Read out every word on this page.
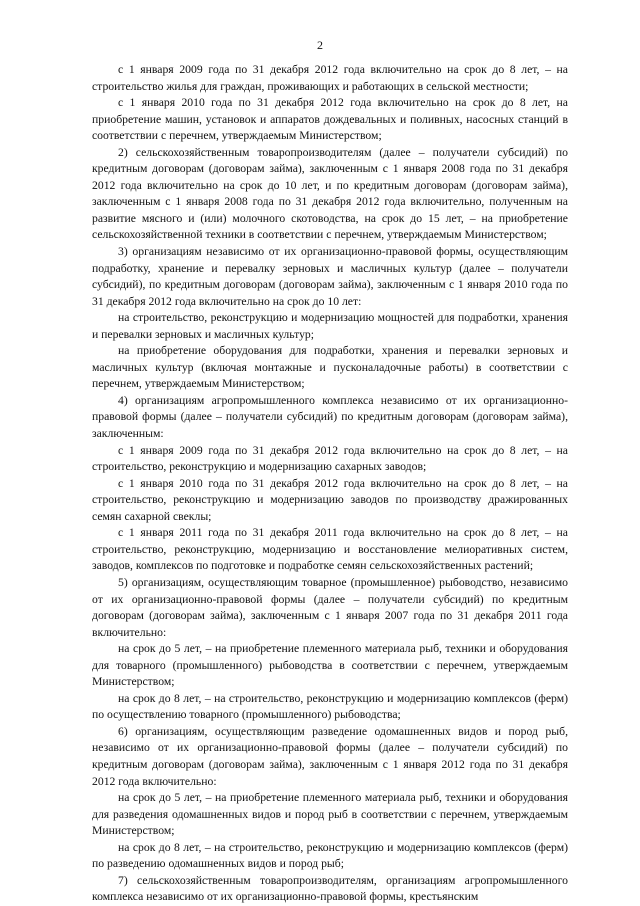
2

с 1 января 2009 года по 31 декабря 2012 года включительно на срок до 8 лет, – на строительство жилья для граждан, проживающих и работающих в сельской местности;

с 1 января 2010 года по 31 декабря 2012 года включительно на срок до 8 лет, на приобретение машин, установок и аппаратов дождевальных и поливных, насосных станций в соответствии с перечнем, утверждаемым Министерством;

2) сельскохозяйственным товаропроизводителям (далее – получатели субсидий) по кредитным договорам (договорам займа), заключенным с 1 января 2008 года по 31 декабря 2012 года включительно на срок до 10 лет, и по кредитным договорам (договорам займа), заключенным с 1 января 2008 года по 31 декабря 2012 года включительно, полученным на развитие мясного и (или) молочного скотоводства, на срок до 15 лет, – на приобретение сельскохозяйственной техники в соответствии с перечнем, утверждаемым Министерством;

3) организациям независимо от их организационно-правовой формы, осуществляющим подработку, хранение и перевалку зерновых и масличных культур (далее – получатели субсидий), по кредитным договорам (договорам займа), заключенным с 1 января 2010 года по 31 декабря 2012 года включительно на срок до 10 лет:

на строительство, реконструкцию и модернизацию мощностей для подработки, хранения и перевалки зерновых и масличных культур;

на приобретение оборудования для подработки, хранения и перевалки зерновых и масличных культур (включая монтажные и пусконаладочные работы) в соответствии с перечнем, утверждаемым Министерством;

4) организациям агропромышленного комплекса независимо от их организационно-правовой формы (далее – получатели субсидий) по кредитным договорам (договорам займа), заключенным:

с 1 января 2009 года по 31 декабря 2012 года включительно на срок до 8 лет, – на строительство, реконструкцию и модернизацию сахарных заводов;

с 1 января 2010 года по 31 декабря 2012 года включительно на срок до 8 лет, – на строительство, реконструкцию и модернизацию заводов по производству дражированных семян сахарной свеклы;

с 1 января 2011 года по 31 декабря 2011 года включительно на срок до 8 лет, – на строительство, реконструкцию, модернизацию и восстановление мелиоративных систем, заводов, комплексов по подготовке и подработке семян сельскохозяйственных растений;

5) организациям, осуществляющим товарное (промышленное) рыбоводство, независимо от их организационно-правовой формы (далее – получатели субсидий) по кредитным договорам (договорам займа), заключенным с 1 января 2007 года по 31 декабря 2011 года включительно:

на срок до 5 лет, – на приобретение племенного материала рыб, техники и оборудования для товарного (промышленного) рыбоводства в соответствии с перечнем, утверждаемым Министерством;

на срок до 8 лет, – на строительство, реконструкцию и модернизацию комплексов (ферм) по осуществлению товарного (промышленного) рыбоводства;

6) организациям, осуществляющим разведение одомашненных видов и пород рыб, независимо от их организационно-правовой формы (далее – получатели субсидий) по кредитным договорам (договорам займа), заключенным с 1 января 2012 года по 31 декабря 2012 года включительно:

на срок до 5 лет, – на приобретение племенного материала рыб, техники и оборудования для разведения одомашненных видов и пород рыб в соответствии с перечнем, утверждаемым Министерством;

на срок до 8 лет, – на строительство, реконструкцию и модернизацию комплексов (ферм) по разведению одомашненных видов и пород рыб;

7) сельскохозяйственным товаропроизводителям, организациям агропромышленного комплекса независимо от их организационно-правовой формы, крестьянским
